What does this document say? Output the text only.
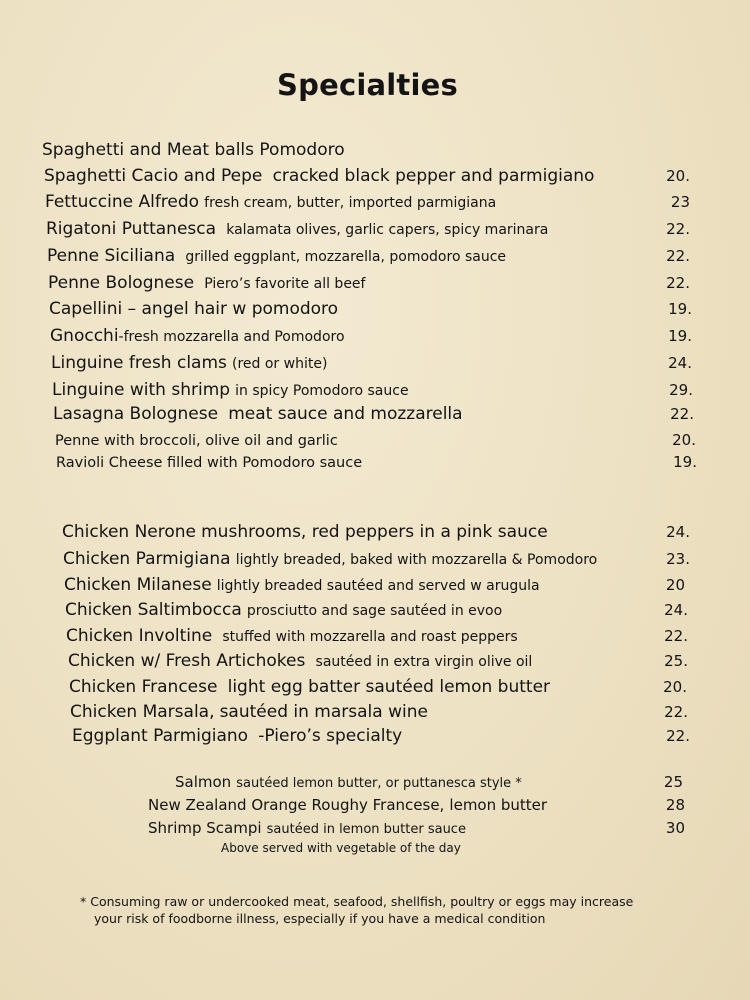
Specialties
Spaghetti and Meat balls Pomodoro
Spaghetti Cacio and Pepe cracked black pepper and parmigiano	20.
Fettuccine Alfredo fresh cream, butter, imported parmigiana	23
Rigatoni Puttanesca kalamata olives, garlic capers, spicy marinara	22.
Penne Siciliana grilled eggplant, mozzarella, pomodoro sauce	22.
Penne Bolognese Piero’s favorite all beef	22.
Capellini – angel hair w pomodoro	19.
Gnocchi-fresh mozzarella and Pomodoro	19.
Linguine fresh clams (red or white)	24.
Linguine with shrimp in spicy Pomodoro sauce	29.
Lasagna Bolognese meat sauce and mozzarella	22.
Penne with broccoli, olive oil and garlic	20.
Ravioli Cheese filled with Pomodoro sauce	19.
Chicken Nerone mushrooms, red peppers in a pink sauce	24.
Chicken Parmigiana lightly breaded, baked with mozzarella & Pomodoro	23.
Chicken Milanese lightly breaded sautéed and served w arugula	20
Chicken Saltimbocca prosciutto and sage sautéed in evoo	24.
Chicken Involtine stuffed with mozzarella and roast peppers	22.
Chicken w/ Fresh Artichokes sautéed in extra virgin olive oil	25.
Chicken Francese light egg batter sautéed lemon butter	20.
Chicken Marsala, sautéed in marsala wine	22.
Eggplant Parmigiano -Piero’s specialty	22.
Salmon sautéed lemon butter, or puttanesca style *	25
New Zealand Orange Roughy Francese, lemon butter	28
Shrimp Scampi sautéed in lemon butter sauce	30
Above served with vegetable of the day
* Consuming raw or undercooked meat, seafood, shellfish, poultry or eggs may increase
your risk of foodborne illness, especially if you have a medical condition
